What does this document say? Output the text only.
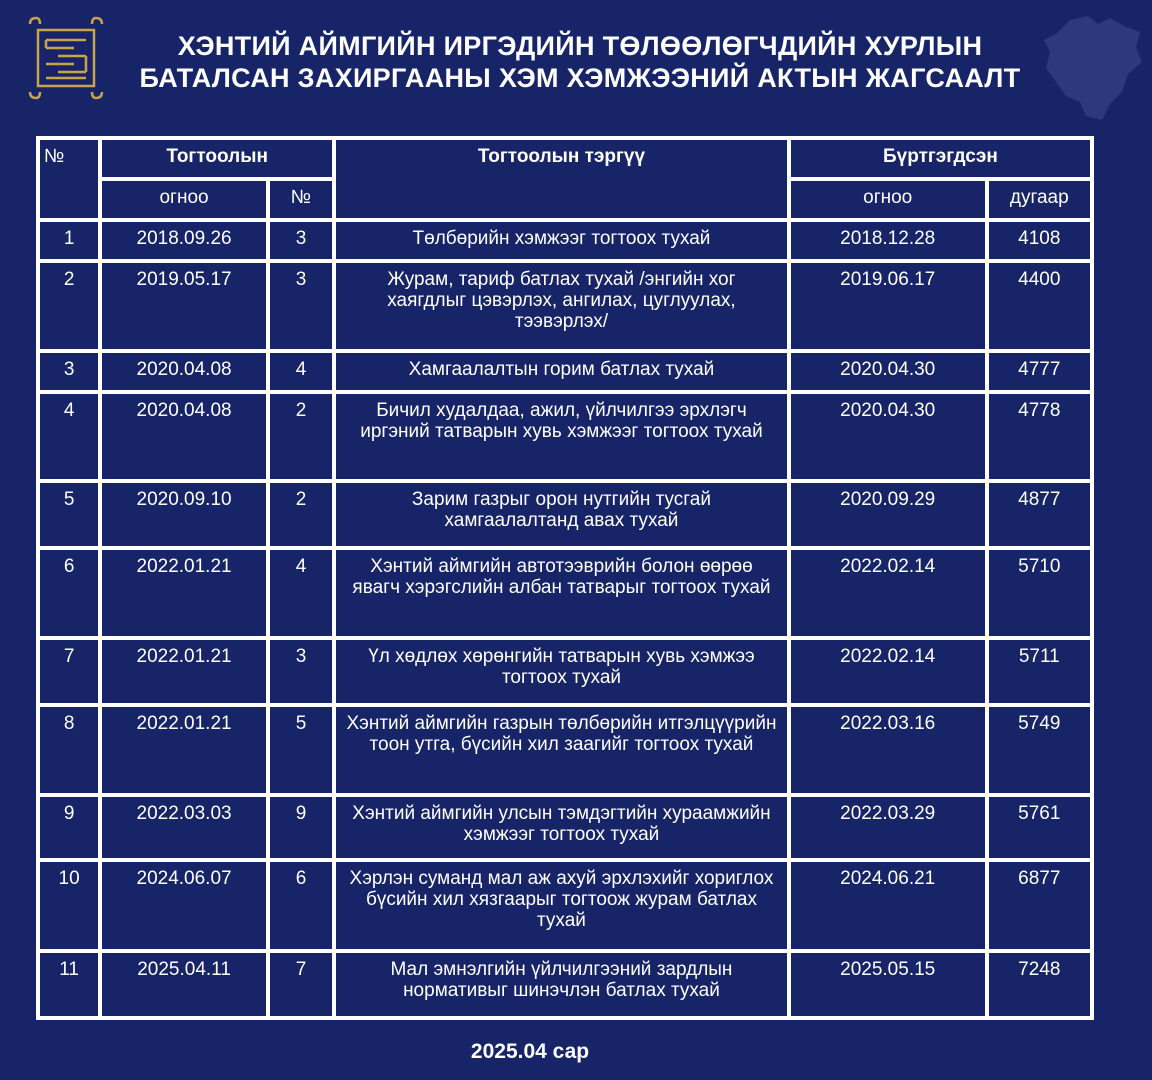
ХЭНТИЙ АЙМГИЙН ИРГЭДИЙН ТӨЛӨӨЛӨГЧДИЙН ХУРЛЫН
БАТАЛСАН ЗАХИРГААНЫ ХЭМ ХЭМЖЭЭНИЙ АКТЫН ЖАГСААЛТ
№	Тогтоолын		Тогтоолын тэргүү	Бүртгэгдсэн	
	огноо	№		огноо	дугаар
1	2018.09.26	3	Төлбөрийн хэмжээг тогтоох тухай	2018.12.28	4108
2	2019.05.17	3	Журам, тариф батлах тухай /энгийн хог хаягдлыг цэвэрлэх, ангилах, цуглуулах, тээвэрлэх/	2019.06.17	4400
3	2020.04.08	4	Хамгаалалтын горим батлах тухай	2020.04.30	4777
4	2020.04.08	2	Бичил худалдаа, ажил, үйлчилгээ эрхлэгч иргэний татварын хувь хэмжээг тогтоох тухай	2020.04.30	4778
5	2020.09.10	2	Зарим газрыг орон нутгийн тусгай хамгаалалтанд авах тухай	2020.09.29	4877
6	2022.01.21	4	Хэнтий аймгийн автотээврийн болон өөрөө явагч хэрэгслийн албан татварыг тогтоох тухай	2022.02.14	5710
7	2022.01.21	3	Үл хөдлөх хөрөнгийн татварын хувь хэмжээ тогтоох тухай	2022.02.14	5711
8	2022.01.21	5	Хэнтий аймгийн газрын төлбөрийн итгэлцүүрийн тоон утга, бүсийн хил заагийг тогтоох тухай	2022.03.16	5749
9	2022.03.03	9	Хэнтий аймгийн улсын тэмдэгтийн хураамжийн хэмжээг тогтоох тухай	2022.03.29	5761
10	2024.06.07	6	Хэрлэн суманд мал аж ахуй эрхлэхийг хориглох бүсийн хил хязгаарыг тогтоож журам батлах тухай	2024.06.21	6877
11	2025.04.11	7	Мал эмнэлгийн үйлчилгээний зардлын нормативыг шинэчлэн батлах тухай	2025.05.15	7248
2025.04 сар
